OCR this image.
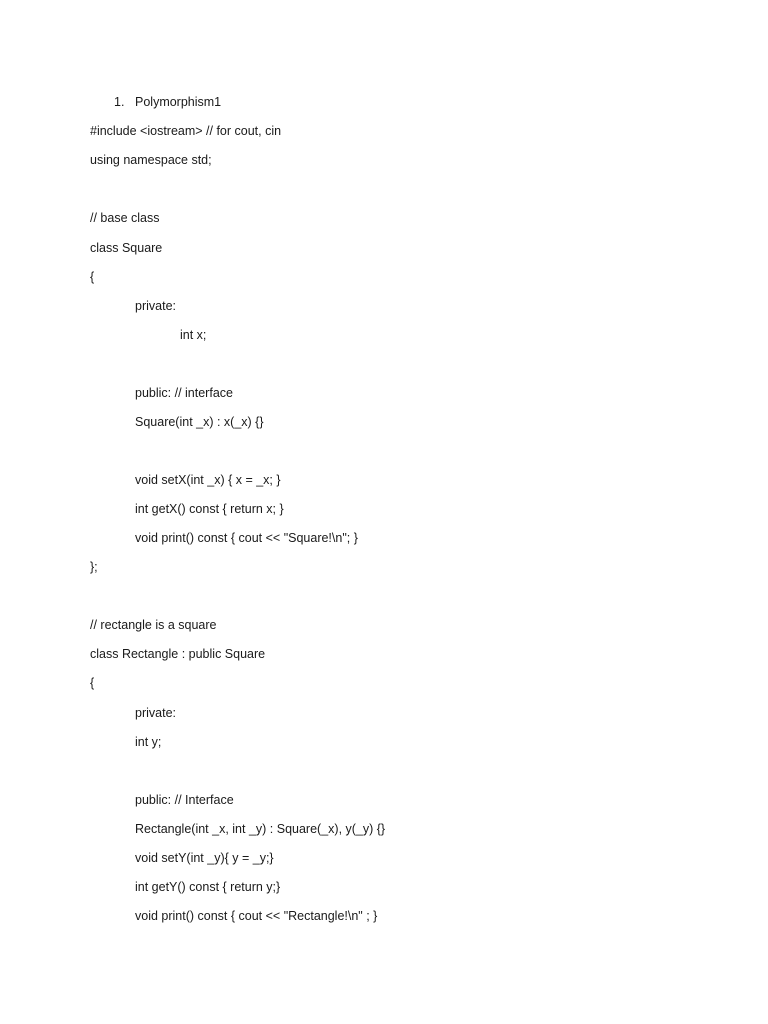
1. Polymorphism1
#include <iostream> // for cout, cin
using namespace std;
// base class
class Square
{
private:
int x;
public: // interface
Square(int _x) : x(_x) {}
void setX(int _x) { x = _x; }
int getX() const { return x; }
void print() const { cout << "Square!\n"; }
};
// rectangle is a square
class Rectangle : public Square
{
private:
int y;
public: // Interface
Rectangle(int _x, int _y) : Square(_x), y(_y) {}
void setY(int _y){ y = _y;}
int getY() const { return y;}
void print() const { cout << "Rectangle!\n" ; }
